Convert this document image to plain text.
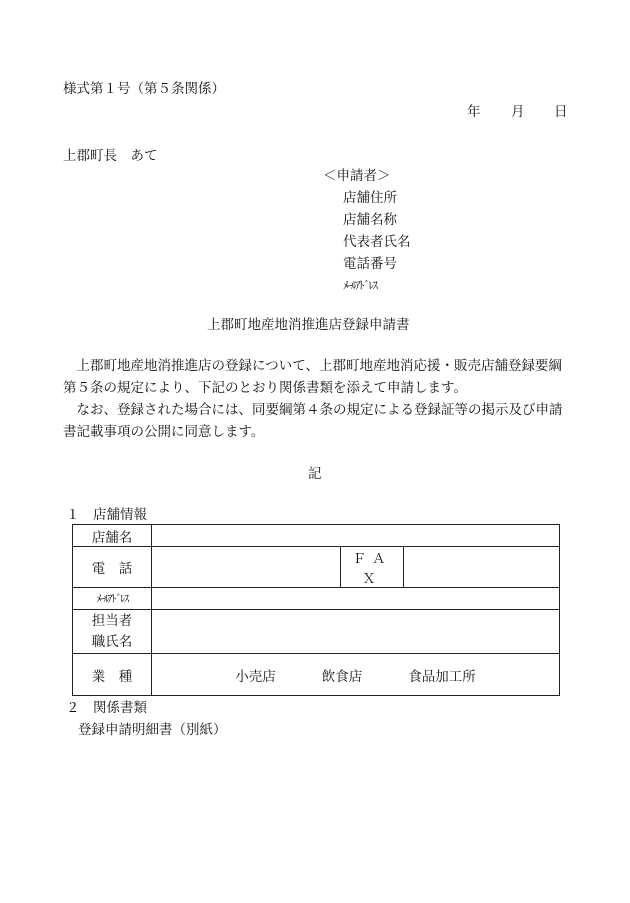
様式第１号（第５条関係）
年 月 日
上郡町長　あて
＜申請者＞
店舗住所
店舗名称
代表者氏名
電話番号
ﾒｰﾙｱﾄﾞﾚｽ
上郡町地産地消推進店登録申請書

上郡町地産地消推進店の登録について、上郡町地産地消応援・販売店舗登録要綱第５条の規定により、下記のとおり関係書類を添えて申請します。

なお、登録された場合には、同要綱第４条の規定による登録証等の掲示及び申請書記載事項の公開に同意します。

記
１　店舗情報
店舗名			
電　話		ＦＡＸ	
ﾒｰﾙｱﾄﾞﾚｽ			

担当者
職氏名			

業　種	小売店 飲食店 食品加工所		
２　関係書類
登録申請明細書（別紙）
